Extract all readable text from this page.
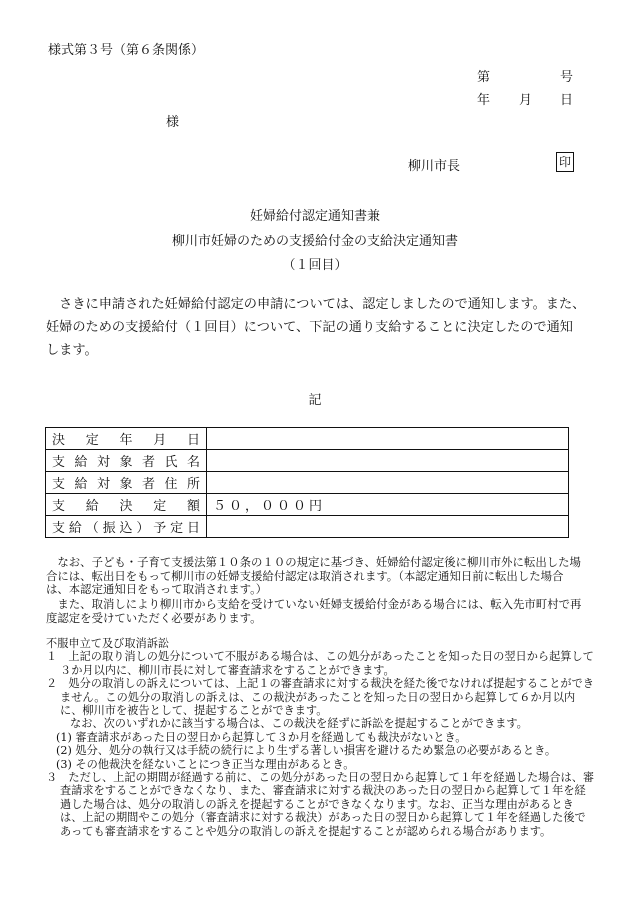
様式第３号（第６条関係）
第	号
年 月 日
様
柳川市長	印
妊婦給付認定通知書兼
柳川市妊婦のための支援給付金の支給決定通知書
（１回目）
　さきに申請された妊婦給付認定の申請については、認定しましたので通知します。また、妊婦のための支援給付（１回目）について、下記の通り支給することに決定したので通知します。
記
決定年月日	
支給対象者氏名	
支給対象者住所	
支給決定額	５０，０００円
支給（振込）予定日	
　なお、子ども・子育て支援法第１０条の１０の規定に基づき、妊婦給付認定後に柳川市外に転出した場合には、転出日をもって柳川市の妊婦支援給付認定は取消されます。（本認定通知日前に転出した場合は、本認定通知日をもって取消されます。）
　また、取消しにより柳川市から支給を受けていない妊婦支援給付金がある場合には、転入先市町村で再度認定を受けていただく必要があります。
不服申立て及び取消訴訟
１　上記の取り消しの処分について不服がある場合は、この処分があったことを知った日の翌日から起算して３か月以内に、柳川市長に対して審査請求をすることができます。
２　処分の取消しの訴えについては、上記１の審査請求に対する裁決を経た後でなければ提起することができません。この処分の取消しの訴えは、この裁決があったことを知った日の翌日から起算して６か月以内に、柳川市を被告として、提起することができます。
なお、次のいずれかに該当する場合は、この裁決を経ずに訴訟を提起することができます。
(1) 審査請求があった日の翌日から起算して３か月を経過しても裁決がないとき。
(2) 処分、処分の執行又は手続の続行により生ずる著しい損害を避けるため緊急の必要があるとき。
(3) その他裁決を経ないことにつき正当な理由があるとき。
３　ただし、上記の期間が経過する前に、この処分があった日の翌日から起算して１年を経過した場合は、審査請求をすることができなくなり、また、審査請求に対する裁決のあった日の翌日から起算して１年を経過した場合は、処分の取消しの訴えを提起することができなくなります。なお、正当な理由があるときは、上記の期間やこの処分（審査請求に対する裁決）があった日の翌日から起算して１年を経過した後であっても審査請求をすることや処分の取消しの訴えを提起することが認められる場合があります。
